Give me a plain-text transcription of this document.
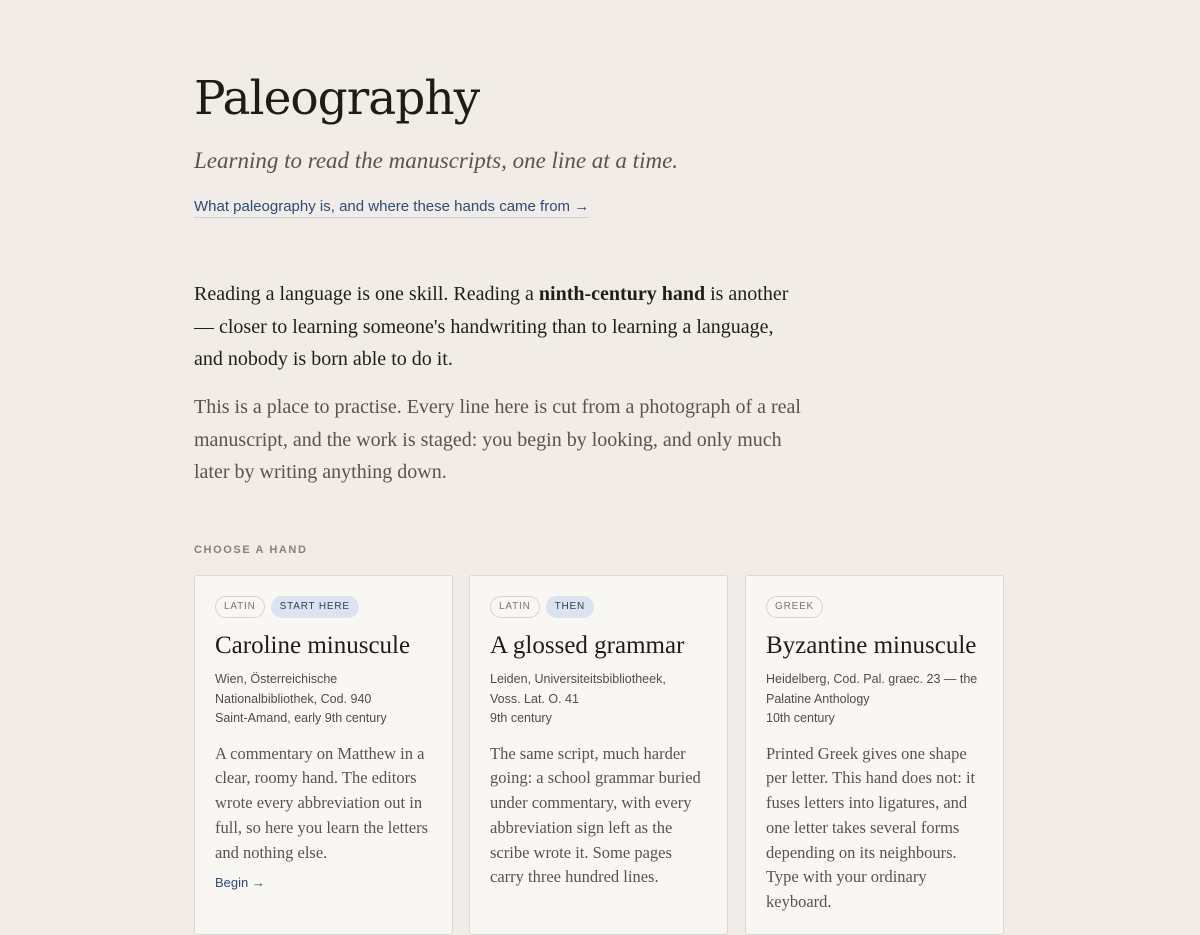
Paleography

Learning to read the manuscripts, one line at a time.

What paleography is, and where these hands came from →

Reading a language is one skill. Reading a ninth-century hand is another — closer to learning someone's handwriting than to learning a language, and nobody is born able to do it.

This is a place to practise. Every line here is cut from a photograph of a real manuscript, and the work is staged: you begin by looking, and only much later by writing anything down.

CHOOSE A HAND
LATIN	START HERE
Caroline minuscule

Wien, Österreichische
Nationalbibliothek, Cod. 940
Saint-Amand, early 9th century

A commentary on Matthew in a clear, roomy hand. The editors wrote every abbreviation out in full, so here you learn the letters and nothing else.

Begin →
LATIN	THEN
A glossed grammar

Leiden, Universiteitsbibliotheek,
Voss. Lat. O. 41
9th century

The same script, much harder going: a school grammar buried under commentary, with every abbreviation sign left as the scribe wrote it. Some pages carry three hundred lines.

GREEK
Byzantine minuscule

Heidelberg, Cod. Pal. graec. 23 — the
Palatine Anthology
10th century

Printed Greek gives one shape per letter. This hand does not: it fuses letters into ligatures, and one letter takes several forms depending on its neighbours. Type with your ordinary keyboard.
